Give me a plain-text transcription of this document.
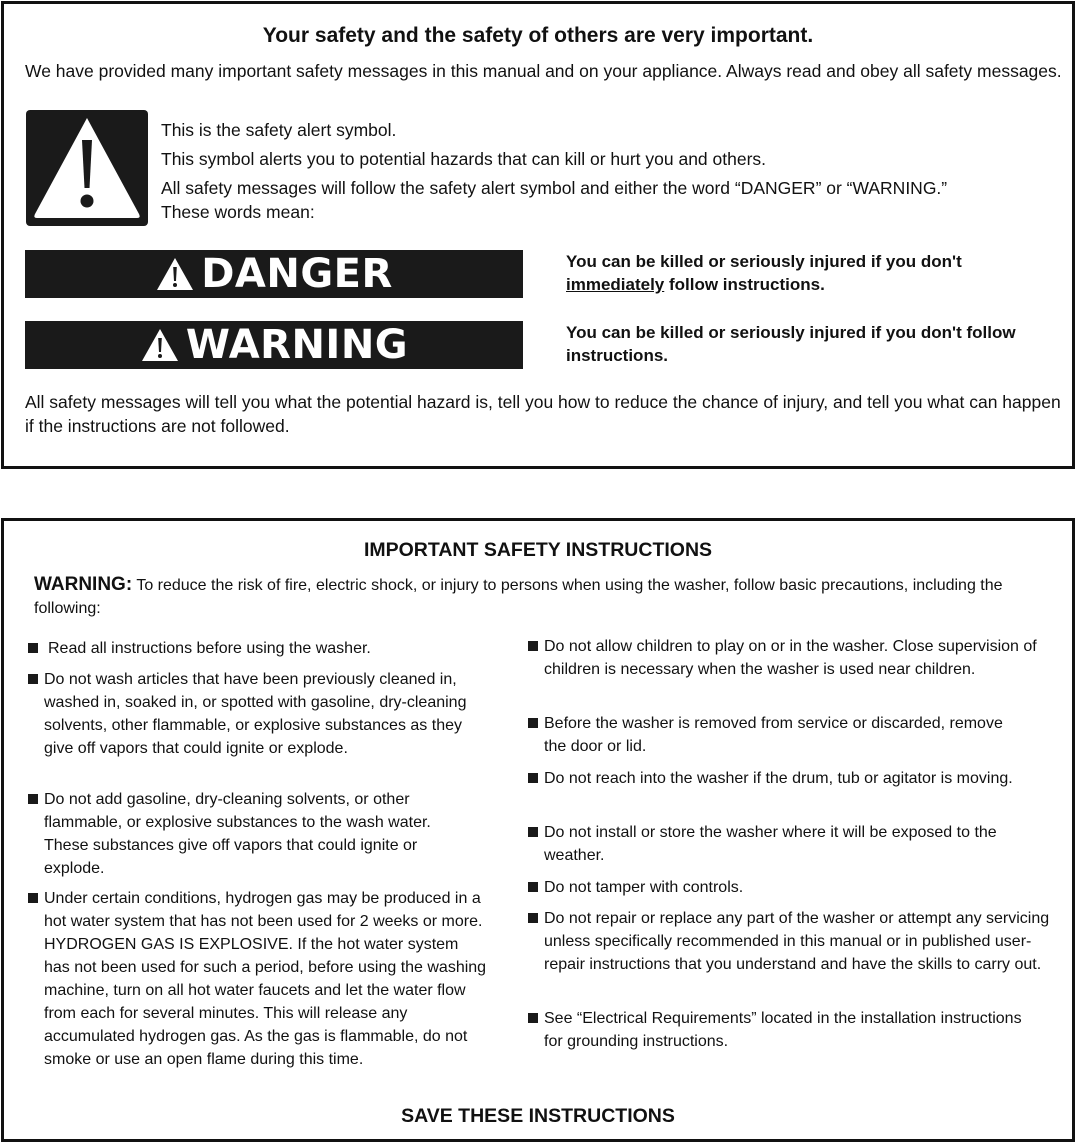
Your safety and the safety of others are very important.
We have provided many important safety messages in this manual and on your appliance. Always read and obey all safety messages.
This is the safety alert symbol.
This symbol alerts you to potential hazards that can kill or hurt you and others.
All safety messages will follow the safety alert symbol and either the word “DANGER” or “WARNING.” These words mean:
DANGER	You can be killed or seriously injured if you don't
immediately follow instructions.
WARNING	You can be killed or seriously injured if you don't follow instructions.
All safety messages will tell you what the potential hazard is, tell you how to reduce the chance of injury, and tell you what can happen if the instructions are not followed.
IMPORTANT SAFETY INSTRUCTIONS
WARNING: To reduce the risk of fire, electric shock, or injury to persons when using the washer, follow basic precautions, including the following:
Read all instructions before using the washer.
Do not wash articles that have been previously cleaned in, washed in, soaked in, or spotted with gasoline, dry-cleaning solvents, other flammable, or explosive substances as they give off vapors that could ignite or explode.
Do not add gasoline, dry-cleaning solvents, or other flammable, or explosive substances to the wash water. These substances give off vapors that could ignite or explode.
Under certain conditions, hydrogen gas may be produced in a hot water system that has not been used for 2 weeks or more. HYDROGEN GAS IS EXPLOSIVE. If the hot water system has not been used for such a period, before using the washing machine, turn on all hot water faucets and let the water flow from each for several minutes. This will release any accumulated hydrogen gas. As the gas is flammable, do not smoke or use an open flame during this time.
Do not allow children to play on or in the washer. Close supervision of children is necessary when the washer is used near children.
Before the washer is removed from service or discarded, remove the door or lid.
Do not reach into the washer if the drum, tub or agitator is moving.
Do not install or store the washer where it will be exposed to the weather.
Do not tamper with controls.
Do not repair or replace any part of the washer or attempt any servicing unless specifically recommended in this manual or in published user-repair instructions that you understand and have the skills to carry out.
See “Electrical Requirements” located in the installation instructions for grounding instructions.
SAVE THESE INSTRUCTIONS
